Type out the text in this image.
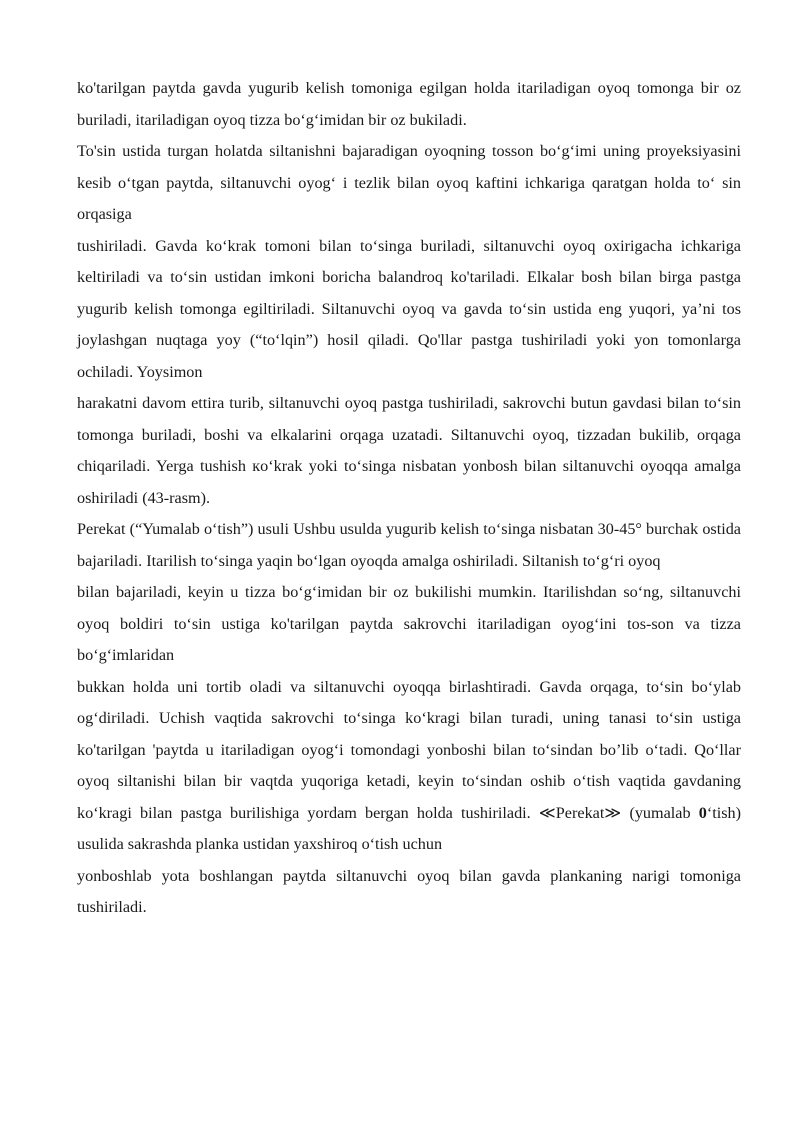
ko'tarilgan paytda gavda yugurib kelish tomoniga egilgan holda itariladigan oyoq tomonga bir oz buriladi, itariladigan oyoq tizza bo‘g‘imidan bir oz bukiladi.

To'sin ustida turgan holatda siltanishni bajaradigan oyoqning tosson bo‘g‘imi uning proyeksiyasini kesib o‘tgan paytda, siltanuvchi oyog‘ i tezlik bilan oyoq kaftini ichkariga qaratgan holda to‘ sin orqasiga

tushiriladi. Gavda ko‘krak tomoni bilan to‘singa buriladi, siltanuvchi oyoq oxirigacha ichkariga keltiriladi va to‘sin ustidan imkoni boricha balandroq ko'tariladi. Elkalar bosh bilan birga pastga yugurib kelish tomonga egiltiriladi. Siltanuvchi oyoq va gavda to‘sin ustida eng yuqori, ya’ni tos joylashgan nuqtaga yoy (“to‘lqin”) hosil qiladi. Qo'llar pastga tushiriladi yoki yon tomonlarga ochiladi. Yoysimon

harakatni davom ettira turib, siltanuvchi oyoq pastga tushiriladi, sakrovchi butun gavdasi bilan to‘sin tomonga buriladi, boshi va elkalarini orqaga uzatadi. Siltanuvchi oyoq, tizzadan bukilib, orqaga chiqariladi. Yerga tushish кo‘krak yoki to‘singa nisbatan yonbosh bilan siltanuvchi oyoqqa amalga oshiriladi (43-rasm).

Perekat (“Yumalab o‘tish”) usuli Ushbu usulda yugurib kelish to‘singa nisbatan 30-45° burchak ostida bajariladi. Itarilish to‘singa yaqin bo‘lgan oyoqda amalga oshiriladi. Siltanish to‘g‘ri oyoq

bilan bajariladi, keyin u tizza bo‘g‘imidan bir oz bukilishi mumkin. Itarilishdan so‘ng, siltanuvchi oyoq boldiri to‘sin ustiga ko'tarilgan paytda sakrovchi itariladigan oyog‘ini tos-son va tizza bo‘g‘imlaridan

bukkan holda uni tortib oladi va siltanuvchi oyoqqa birlashtiradi. Gavda orqaga, to‘sin bo‘ylab og‘diriladi. Uchish vaqtida sakrovchi to‘singa ko‘kragi bilan turadi, uning tanasi to‘sin ustiga ko'tarilgan 'paytda u itariladigan oyog‘i tomondagi yonboshi bilan to‘sindan bo’lib o‘tadi. Qo‘llar oyoq siltanishi bilan bir vaqtda yuqoriga ketadi, keyin to‘sindan oshib o‘tish vaqtida gavdaning ko‘kragi bilan pastga burilishiga yordam bergan holda tushiriladi. ≪Perekat≫ (yumalab 0‘tish) usulida sakrashda planka ustidan yaxshiroq o‘tish uchun

yonboshlab yota boshlangan paytda siltanuvchi oyoq bilan gavda plankaning narigi tomoniga tushiriladi.
